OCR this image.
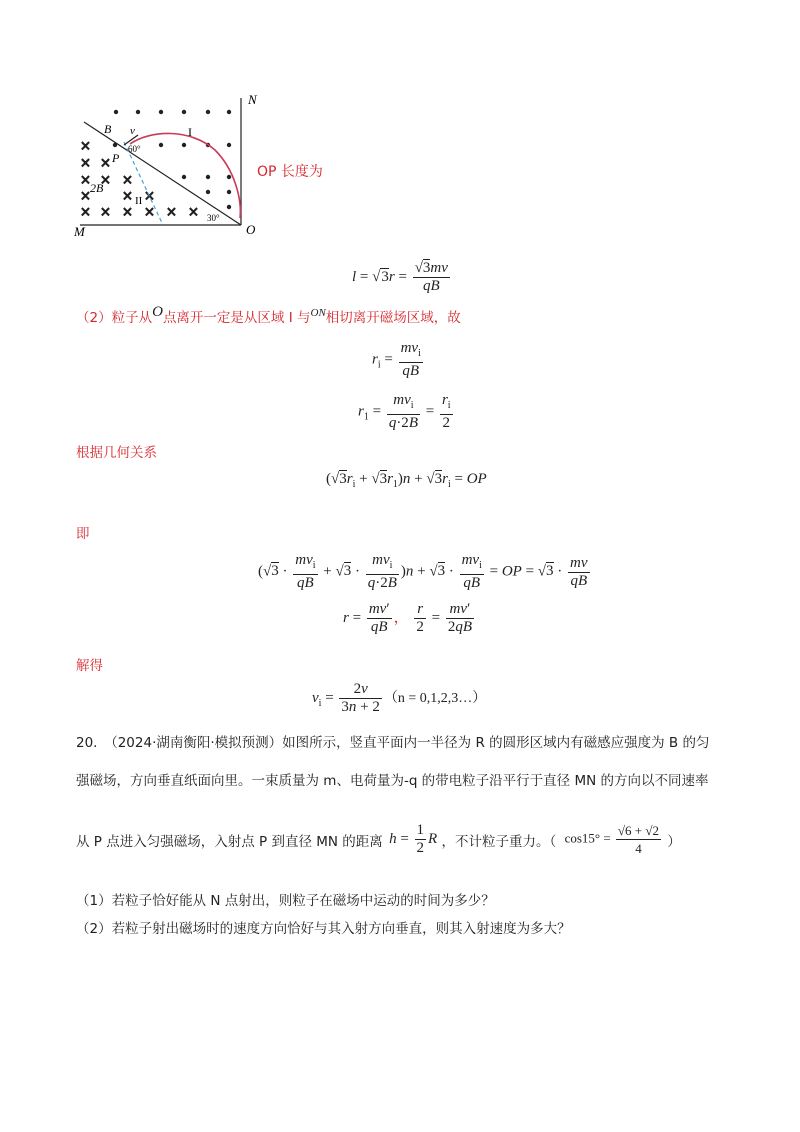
×
× ×
× × ×
× × ×
× × × × × ×
N
O
M
B
P
v	I
II
2B
60°
30°
OP 长度为
$l = √3r = \frac{√3mv}{qB}$
（2）粒子从O点离开一定是从区域 I 与$^{ON}$相切离开磁场区域，故
$r_i = \frac{mv_i}{qB}$
$r_1 = \frac{mv_i}{q\cdot 2B} = \frac{r_i}{2}$
根据几何关系
$(√3r_i + √3r_1)n + √3r_i$ = OP
即
$(√3 \cdot \frac{mv_i}{qB} + √3 \cdot \frac{mv_i}{q\cdot 2B} )n + √3 \cdot \frac{mv_i}{qB}$ = OP = $√3 \cdot \frac{mv}{qB}$
$r = \frac{mv'}{qB}$ ， $\frac{r}{2} = \frac{mv'}{2qB}$
解得
$v_i = \frac{2v}{3n + 2} (n$ = 0,1,2,3…）
20.　（2024·湖南衡阳·模拟预测）如图所示，竖直平面内一半径为 R 的圆形区域内有磁感应强度为 B 的匀
强磁场，方向垂直纸面向里。一束质量为 m、电荷量为-q 的带电粒子沿平行于直径 MN 的方向以不同速率
从 P 点进入匀强磁场，入射点 P 到直径 MN 的距离 $h = \frac{1}{2}$ R ，不计粒子重力。（ $\cos 15^\circ = \frac{√6 + √2}{4}$ ）
（1）若粒子恰好能从 N 点射出，则粒子在磁场中运动的时间为多少？
（2）若粒子射出磁场时的速度方向恰好与其入射方向垂直，则其入射速度为多大？
